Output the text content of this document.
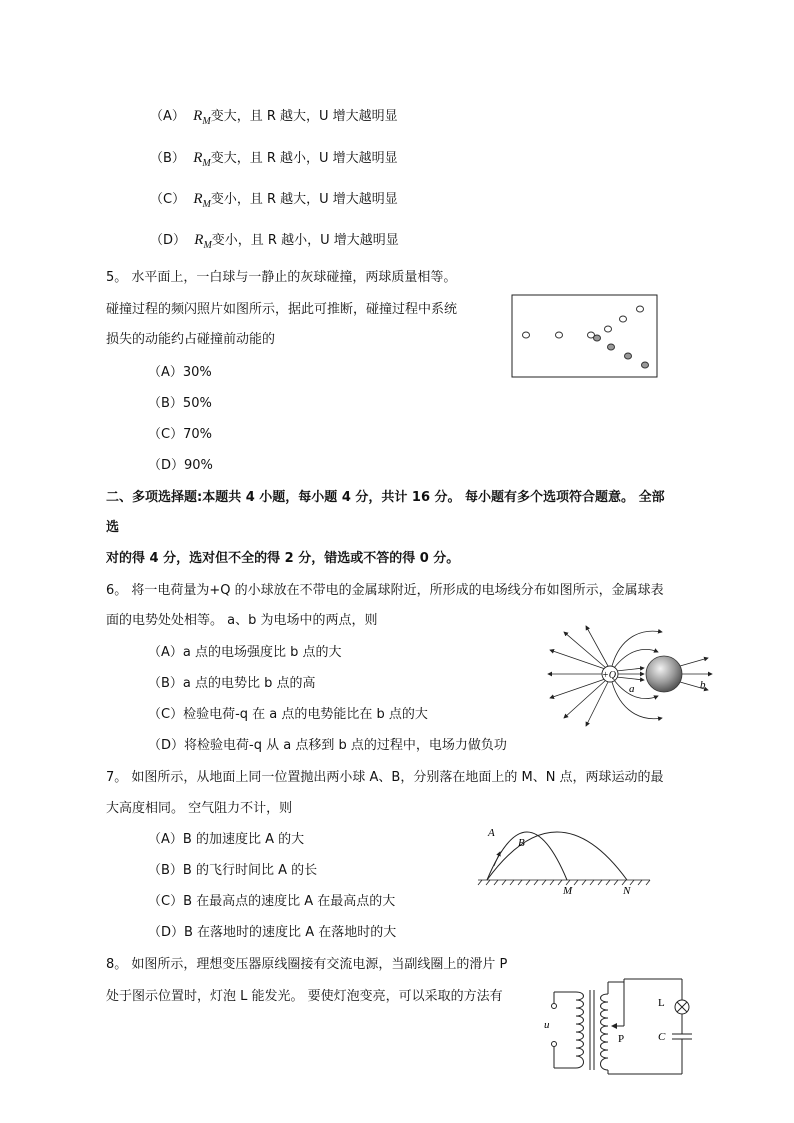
（A） $R_M$变大，且 R 越大，U 增大越明显
（B） $R_M$变大，且 R 越小，U 增大越明显
（C） $R_M$变小，且 R 越大，U 增大越明显
（D） $R_M$变小，且 R 越小，U 增大越明显
5。 水平面上，一白球与一静止的灰球碰撞，两球质量相等。
碰撞过程的频闪照片如图所示，据此可推断，碰撞过程中系统
损失的动能约占碰撞前动能的
（A）30%
（B）50%
（C）70%
（D）90%
二、多项选择题:本题共 4 小题，每小题 4 分，共计 16 分。 每小题有多个选项符合题意。 全部
选
对的得 4 分，选对但不全的得 2 分，错选或不答的得 0 分。
6。 将一电荷量为+Q 的小球放在不带电的金属球附近，所形成的电场线分布如图所示，金属球表
面的电势处处相等。 a、b 为电场中的两点，则
（A）a 点的电场强度比 b 点的大
（B）a 点的电势比 b 点的高
（C）检验电荷-q 在 a 点的电势能比在 b 点的大
（D）将检验电荷-q 从 a 点移到 b 点的过程中，电场力做负功
+Q
a	b
7。 如图所示，从地面上同一位置抛出两小球 A、B，分别落在地面上的 M、N 点，两球运动的最
大高度相同。 空气阻力不计，则
（A）B 的加速度比 A 的大
（B）B 的飞行时间比 A 的长
（C）B 在最高点的速度比 A 在最高点的大
（D）B 在落地时的速度比 A 在落地时的大
A
B
M	N
8。 如图所示，理想变压器原线圈接有交流电源，当副线圈上的滑片 P
处于图示位置时，灯泡 L 能发光。 要使灯泡变亮，可以采取的方法有
u
P
L
C
